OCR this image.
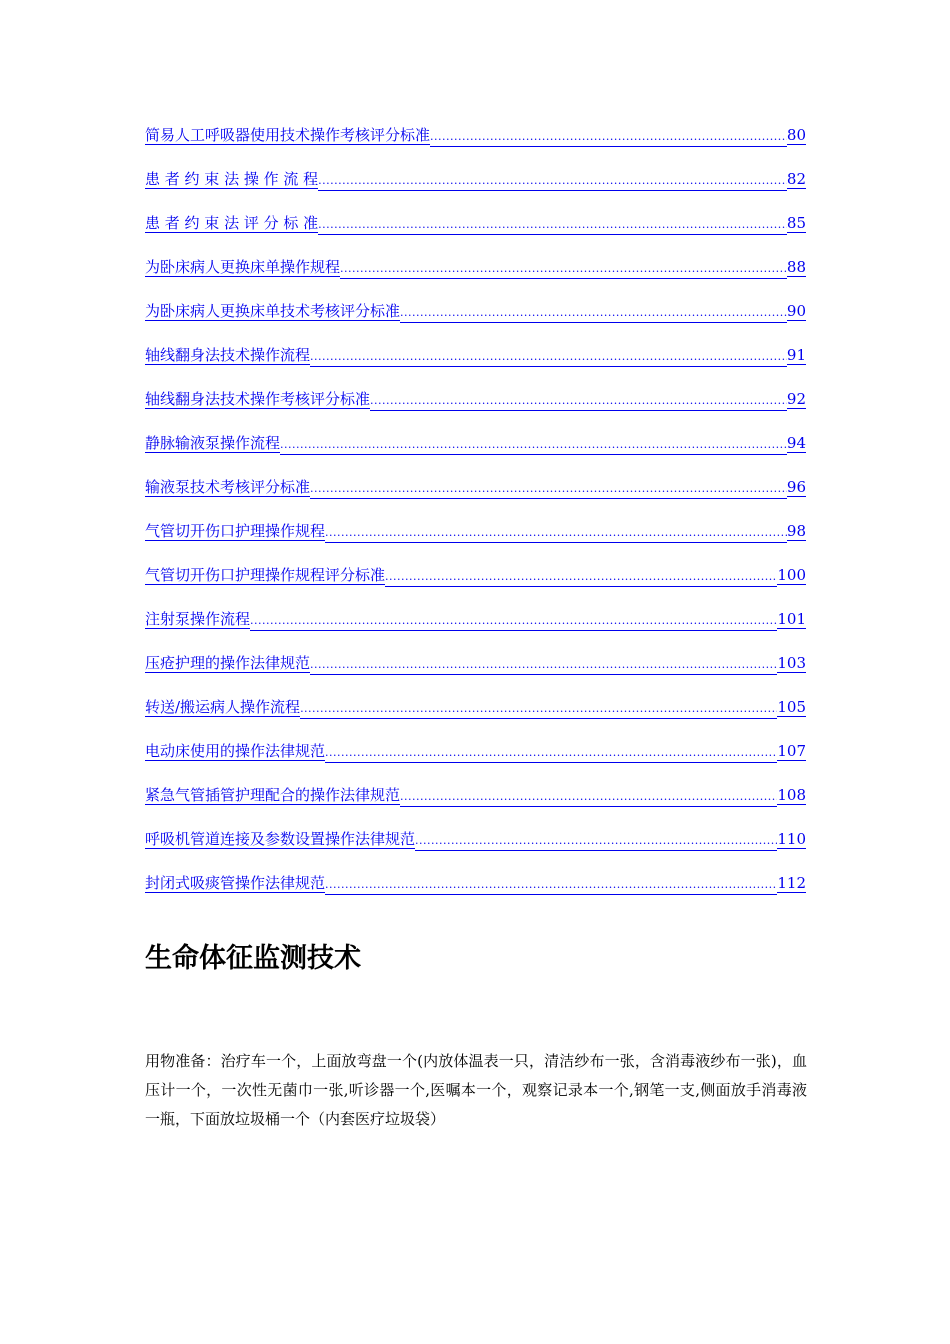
简易人工呼吸器使用技术操作考核评分标准 .....	80
患 者 约 束 法 操 作 流 程 .....	82
患 者 约 束 法 评 分 标 准 .....	85
为卧床病人更换床单操作规程 .....	88
为卧床病人更换床单技术考核评分标准 .....	90
轴线翻身法技术操作流程 .....	91
轴线翻身法技术操作考核评分标准 .....	92
静脉输液泵操作流程 .....	94
输液泵技术考核评分标准 .....	96
气管切开伤口护理操作规程 .....	98
气管切开伤口护理操作规程评分标准 .....	100
注射泵操作流程 .....	101
压疮护理的操作法律规范 .....	103
转送/搬运病人操作流程 .....	105
电动床使用的操作法律规范 .....	107
紧急气管插管护理配合的操作法律规范 .....	108
呼吸机管道连接及参数设置操作法律规范 .....	110
封闭式吸痰管操作法律规范 .....	112
生命体征监测技术

用物准备：治疗车一个，上面放弯盘一个(内放体温表一只，清洁纱布一张，含消毒液纱布一张)，血压计一个，一次性无菌巾一张,听诊器一个,医嘱本一个，观察记录本一个,钢笔一支,侧面放手消毒液一瓶，下面放垃圾桶一个（内套医疗垃圾袋）
